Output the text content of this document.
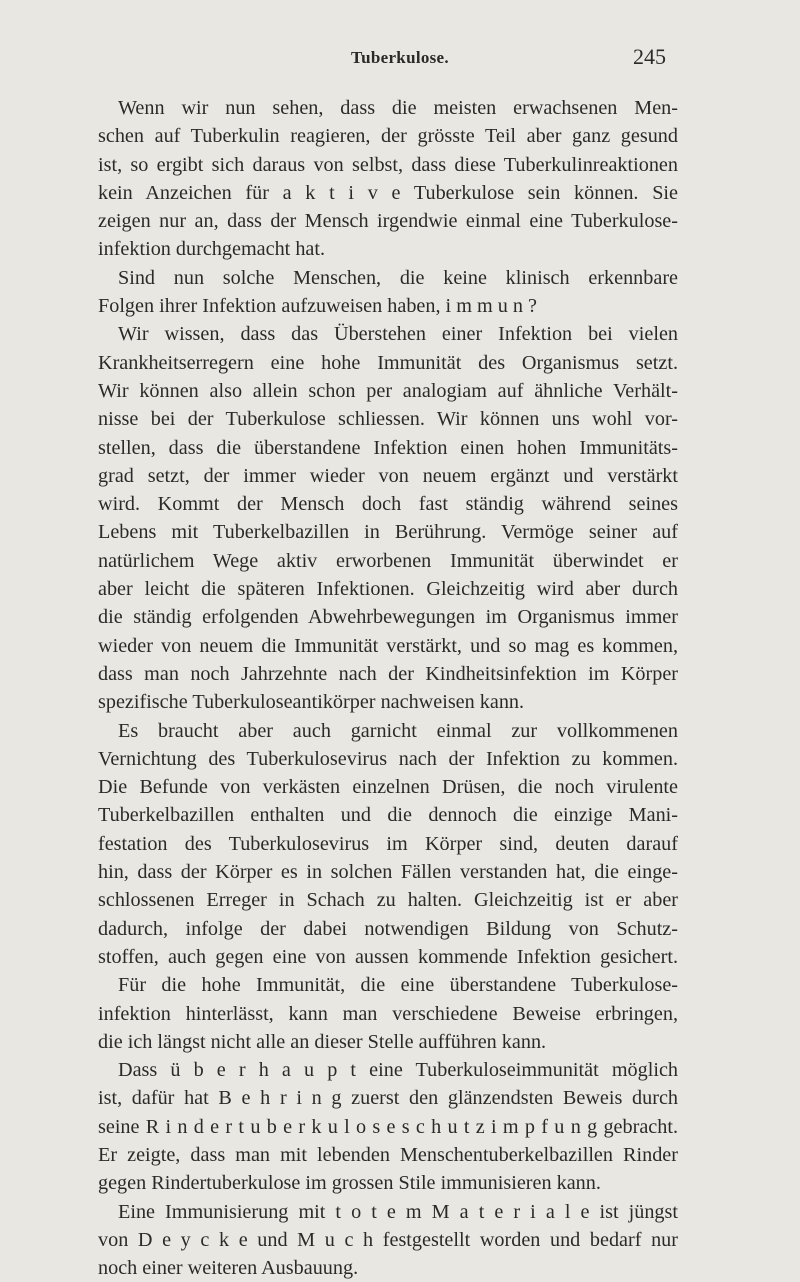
Tuberkulose.	245
Wenn wir nun sehen, dass die meisten erwachsenen Men-
schen auf Tuberkulin reagieren, der grösste Teil aber ganz gesund
ist, so ergibt sich daraus von selbst, dass diese Tuberkulinreaktionen
kein Anzeichen für a k t i v e Tuberkulose sein können. Sie
zeigen nur an, dass der Mensch irgendwie einmal eine Tuberkulose-
infektion durchgemacht hat.
Sind nun solche Menschen, die keine klinisch erkennbare
Folgen ihrer Infektion aufzuweisen haben, i m m u n ?
Wir wissen, dass das Überstehen einer Infektion bei vielen
Krankheitserregern eine hohe Immunität des Organismus setzt.
Wir können also allein schon per analogiam auf ähnliche Verhält-
nisse bei der Tuberkulose schliessen. Wir können uns wohl vor-
stellen, dass die überstandene Infektion einen hohen Immunitäts-
grad setzt, der immer wieder von neuem ergänzt und verstärkt
wird. Kommt der Mensch doch fast ständig während seines
Lebens mit Tuberkelbazillen in Berührung. Vermöge seiner auf
natürlichem Wege aktiv erworbenen Immunität überwindet er
aber leicht die späteren Infektionen. Gleichzeitig wird aber durch
die ständig erfolgenden Abwehrbewegungen im Organismus immer
wieder von neuem die Immunität verstärkt, und so mag es kommen,
dass man noch Jahrzehnte nach der Kindheitsinfektion im Körper
spezifische Tuberkuloseantikörper nachweisen kann.
Es braucht aber auch garnicht einmal zur vollkommenen
Vernichtung des Tuberkulosevirus nach der Infektion zu kommen.
Die Befunde von verkästen einzelnen Drüsen, die noch virulente
Tuberkelbazillen enthalten und die dennoch die einzige Mani-
festation des Tuberkulosevirus im Körper sind, deuten darauf
hin, dass der Körper es in solchen Fällen verstanden hat, die einge-
schlossenen Erreger in Schach zu halten. Gleichzeitig ist er aber
dadurch, infolge der dabei notwendigen Bildung von Schutz-
stoffen, auch gegen eine von aussen kommende Infektion gesichert.
Für die hohe Immunität, die eine überstandene Tuberkulose-
infektion hinterlässt, kann man verschiedene Beweise erbringen,
die ich längst nicht alle an dieser Stelle aufführen kann.
Dass ü b e r h a u p t eine Tuberkuloseimmunität möglich
ist, dafür hat B e h r i n g zuerst den glänzendsten Beweis durch
seine R i n d e r t u b e r k u l o s e s c h u t z i m p f u n g gebracht.
Er zeigte, dass man mit lebenden Menschentuberkelbazillen Rinder
gegen Rindertuberkulose im grossen Stile immunisieren kann.
Eine Immunisierung mit t o t e m M a t e r i a l e ist jüngst
von D e y c k e und M u c h festgestellt worden und bedarf nur
noch einer weiteren Ausbauung.
